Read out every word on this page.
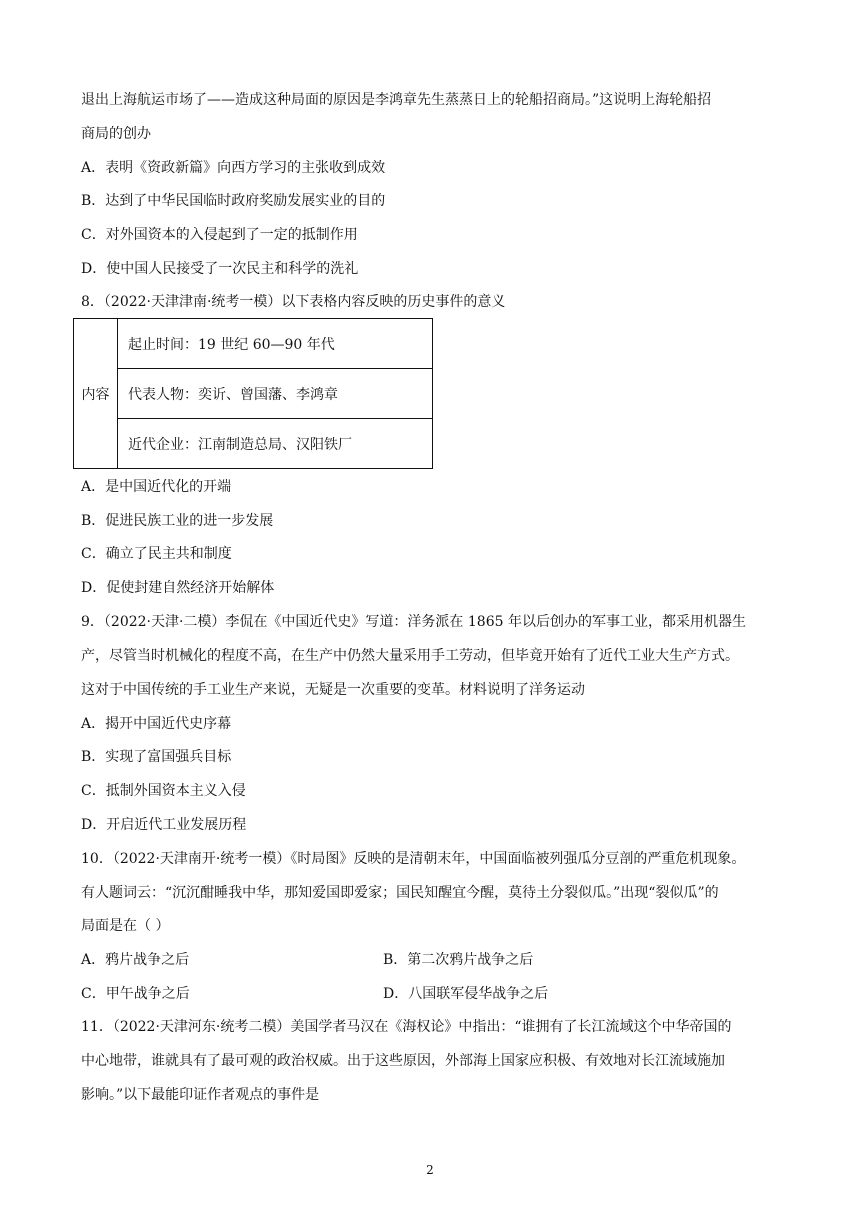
退出上海航运市场了——造成这种局面的原因是李鸿章先生蒸蒸日上的轮船招商局。”这说明上海轮船招
商局的创办
A．表明《资政新篇》向西方学习的主张收到成效
B．达到了中华民国临时政府奖励发展实业的目的
C．对外国资本的入侵起到了一定的抵制作用
D．使中国人民接受了一次民主和科学的洗礼
8．（2022·天津津南·统考一模）以下表格内容反映的历史事件的意义
内容	起止时间：19 世纪 60—90 年代
代表人物：奕䜣、曾国藩、李鸿章
近代企业：江南制造总局、汉阳铁厂
A．是中国近代化的开端
B．促进民族工业的进一步发展
C．确立了民主共和制度
D．促使封建自然经济开始解体
9．（2022·天津·二模）李侃在《中国近代史》写道：洋务派在 1865 年以后创办的军事工业，都采用机器生
产，尽管当时机械化的程度不高，在生产中仍然大量采用手工劳动，但毕竟开始有了近代工业大生产方式。
这对于中国传统的手工业生产来说，无疑是一次重要的变革。材料说明了洋务运动
A．揭开中国近代史序幕
B．实现了富国强兵目标
C．抵制外国资本主义入侵
D．开启近代工业发展历程
10．（2022·天津南开·统考一模）《时局图》反映的是清朝末年，中国面临被列强瓜分豆剖的严重危机现象。
有人题词云：“沉沉酣睡我中华，那知爱国即爱家；国民知醒宜今醒，莫待土分裂似瓜。”出现“裂似瓜”的
局面是在（ ）
A．鸦片战争之后	B．第二次鸦片战争之后
C．甲午战争之后	D．八国联军侵华战争之后
11．（2022·天津河东·统考二模）美国学者马汉在《海权论》中指出：“谁拥有了长江流域这个中华帝国的
中心地带，谁就具有了最可观的政治权威。出于这些原因，外部海上国家应积极、有效地对长江流域施加
影响。”以下最能印证作者观点的事件是
2
